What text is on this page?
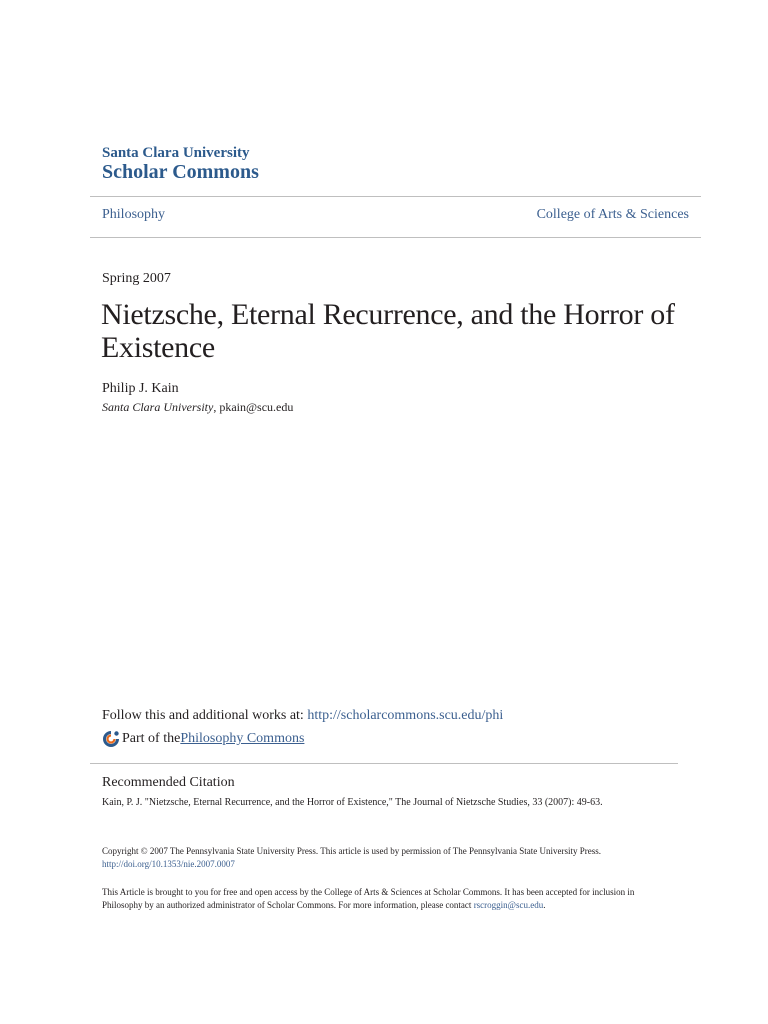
Santa Clara University
Scholar Commons
Philosophy	College of Arts & Sciences
Spring 2007
Nietzsche, Eternal Recurrence, and the Horror of
Existence
Philip J. Kain
Santa Clara University, pkain@scu.edu
Follow this and additional works at: http://scholarcommons.scu.edu/phi
Part of the Philosophy Commons
Recommended Citation
Kain, P. J. "Nietzsche, Eternal Recurrence, and the Horror of Existence," The Journal of Nietzsche Studies, 33 (2007): 49-63.
Copyright © 2007 The Pennsylvania State University Press. This article is used by permission of The Pennsylvania State University Press.
http://doi.org/10.1353/nie.2007.0007
This Article is brought to you for free and open access by the College of Arts & Sciences at Scholar Commons. It has been accepted for inclusion in
Philosophy by an authorized administrator of Scholar Commons. For more information, please contact rscroggin@scu.edu.
